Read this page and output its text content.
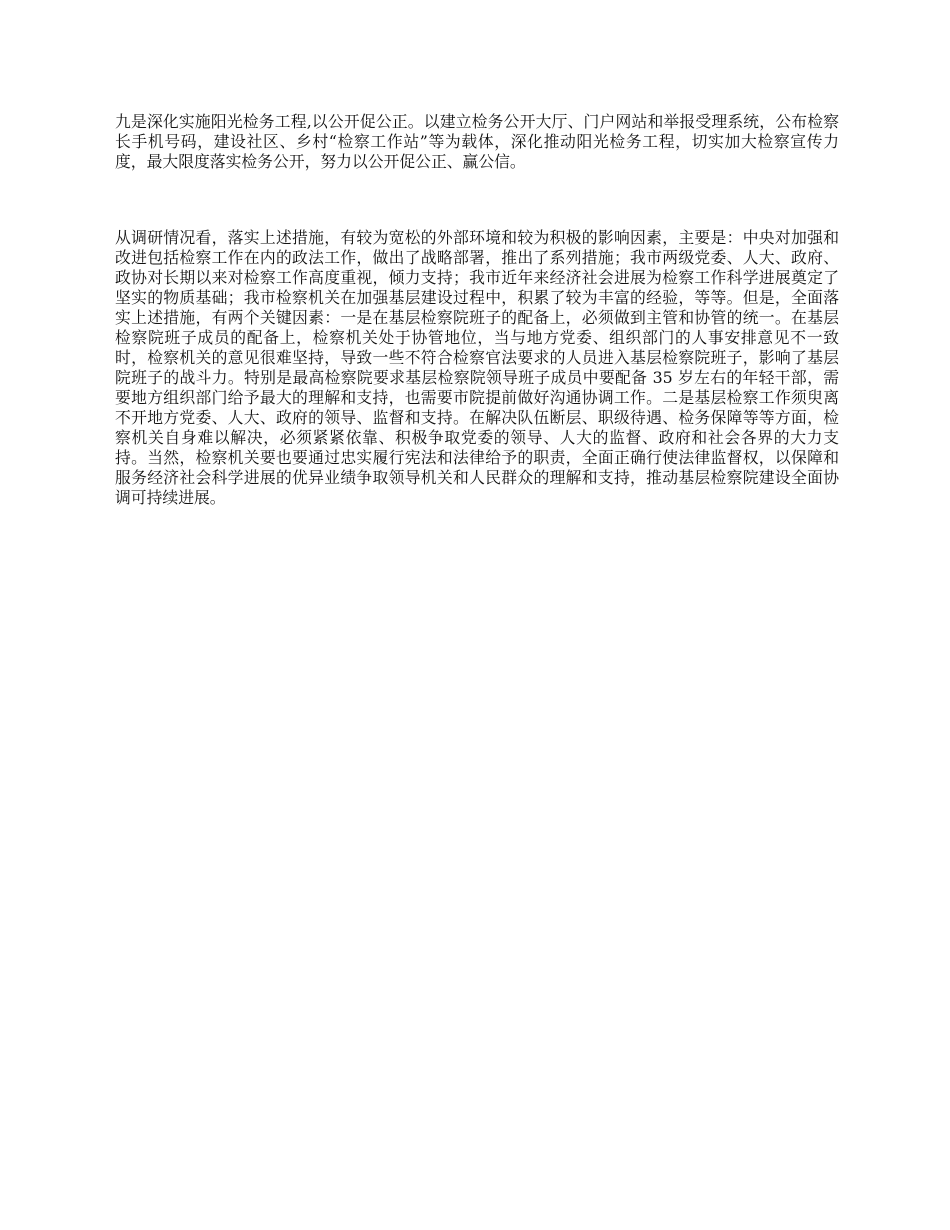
九是深化实施阳光检务工程,以公开促公正。以建立检务公开大厅、门户网站和举报受理系统，公布检察长手机号码，建设社区、乡村“检察工作站”等为载体，深化推动阳光检务工程，切实加大检察宣传力度，最大限度落实检务公开，努力以公开促公正、赢公信。

从调研情况看，落实上述措施，有较为宽松的外部环境和较为积极的影响因素，主要是：中央对加强和改进包括检察工作在内的政法工作，做出了战略部署，推出了系列措施；我市两级党委、人大、政府、政协对长期以来对检察工作高度重视，倾力支持；我市近年来经济社会进展为检察工作科学进展奠定了坚实的物质基础；我市检察机关在加强基层建设过程中，积累了较为丰富的经验，等等。但是，全面落实上述措施，有两个关键因素：一是在基层检察院班子的配备上，必须做到主管和协管的统一。在基层检察院班子成员的配备上，检察机关处于协管地位，当与地方党委、组织部门的人事安排意见不一致时，检察机关的意见很难坚持，导致一些不符合检察官法要求的人员进入基层检察院班子，影响了基层院班子的战斗力。特别是最高检察院要求基层检察院领导班子成员中要配备 35 岁左右的年轻干部，需要地方组织部门给予最大的理解和支持，也需要市院提前做好沟通协调工作。二是基层检察工作须臾离不开地方党委、人大、政府的领导、监督和支持。在解决队伍断层、职级待遇、检务保障等等方面，检察机关自身难以解决，必须紧紧依靠、积极争取党委的领导、人大的监督、政府和社会各界的大力支持。当然，检察机关要也要通过忠实履行宪法和法律给予的职责，全面正确行使法律监督权，以保障和服务经济社会科学进展的优异业绩争取领导机关和人民群众的理解和支持，推动基层检察院建设全面协调可持续进展。
